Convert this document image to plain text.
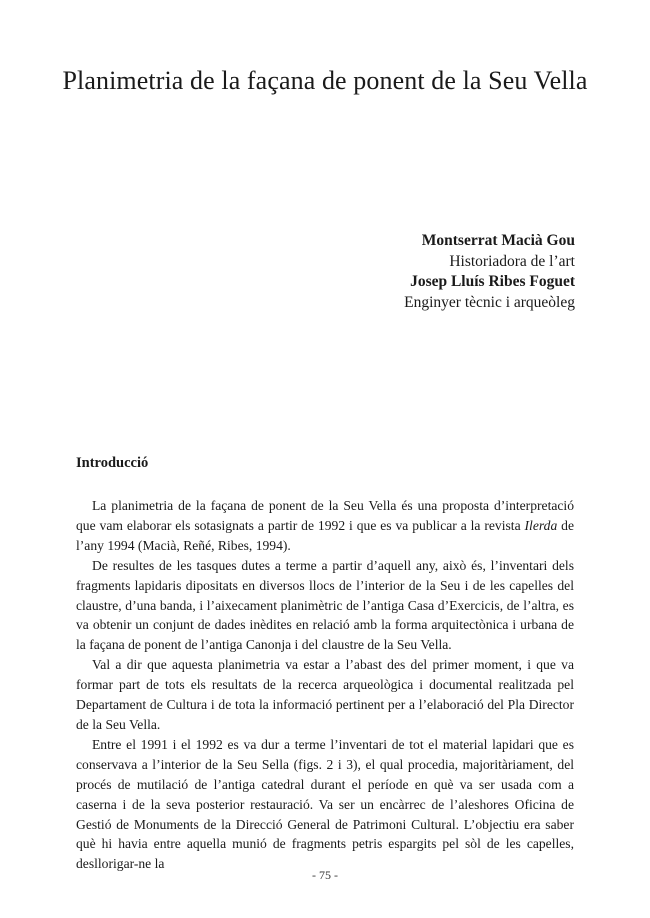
Planimetria de la façana de ponent de la Seu Vella
Montserrat Macià Gou
Historiadora de l’art
Josep Lluís Ribes Foguet
Enginyer tècnic i arqueòleg
Introducció

La planimetria de la façana de ponent de la Seu Vella és una proposta d’interpretació que vam elaborar els sotasignats a partir de 1992 i que es va publicar a la revista Ilerda de l’any 1994 (Macià, Reñé, Ribes, 1994).

De resultes de les tasques dutes a terme a partir d’aquell any, això és, l’inventari dels fragments lapidaris dipositats en diversos llocs de l’interior de la Seu i de les capelles del claustre, d’una banda, i l’aixecament planimètric de l’antiga Casa d’Exercicis, de l’altra, es va obtenir un conjunt de dades inèdites en relació amb la forma arquitectònica i urbana de la façana de ponent de l’antiga Canonja i del claustre de la Seu Vella.

Val a dir que aquesta planimetria va estar a l’abast des del primer moment, i que va formar part de tots els resultats de la recerca arqueològica i documental realitzada pel Departament de Cultura i de tota la informació pertinent per a l’elaboració del Pla Director de la Seu Vella.

Entre el 1991 i el 1992 es va dur a terme l’inventari de tot el material lapidari que es conservava a l’interior de la Seu Sella (figs. 2 i 3), el qual procedia, majoritàriament, del procés de mutilació de l’antiga catedral durant el període en què va ser usada com a caserna i de la seva posterior restauració. Va ser un encàrrec de l’aleshores Oficina de Gestió de Monuments de la Direcció General de Patrimoni Cultural. L’objectiu era saber què hi havia entre aquella munió de fragments petris espargits pel sòl de les capelles, desllorigar-ne la

- 75 -
